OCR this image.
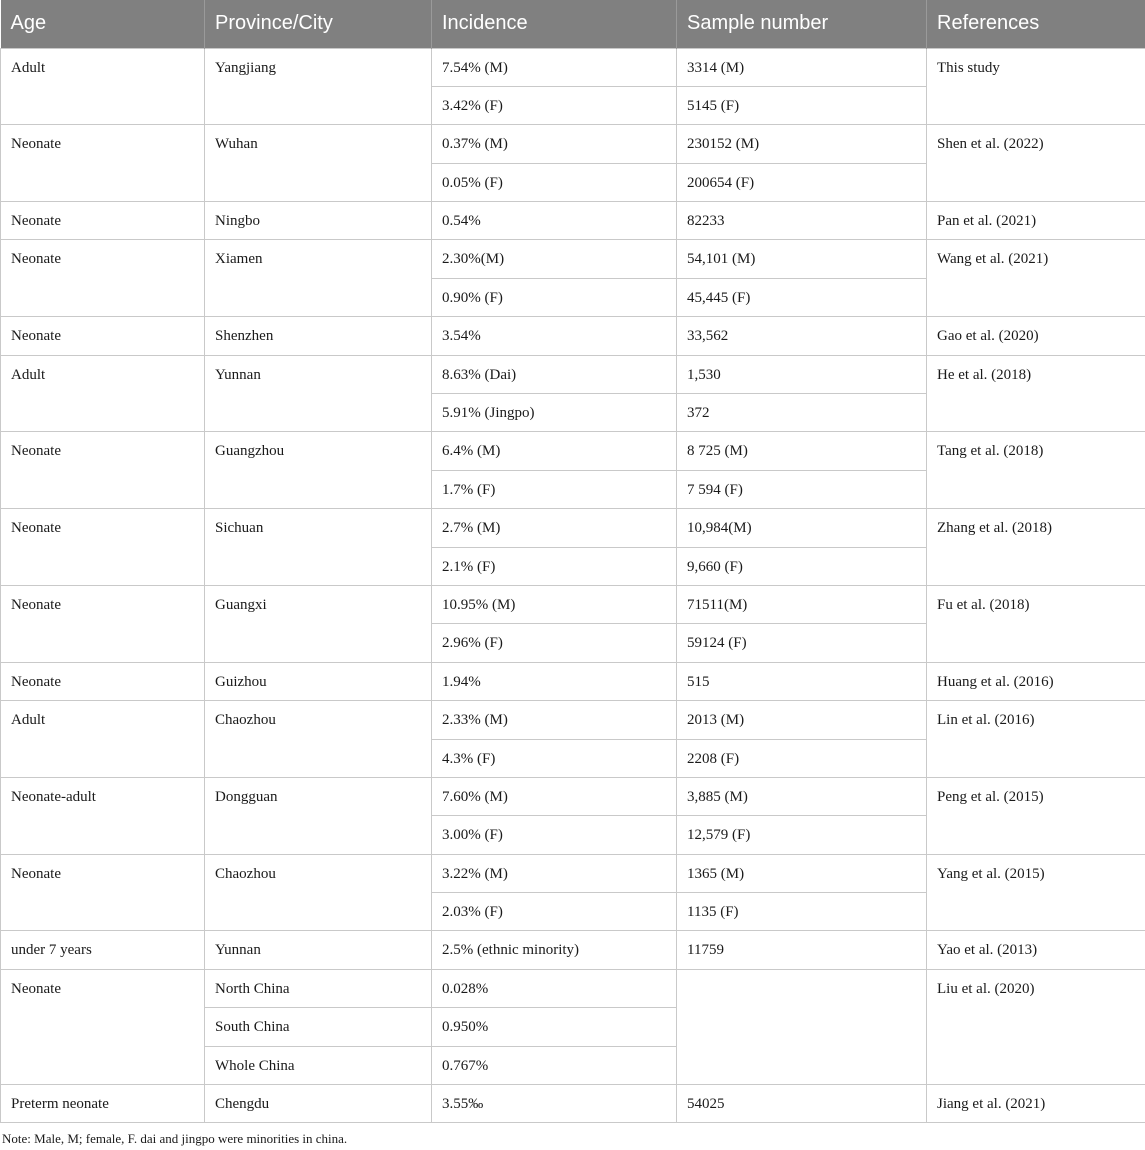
Age	Province/City	Incidence	Sample number	References
Adult	Yangjiang	7.54% (M)	3314 (M)	This study
		3.42% (F)	5145 (F)	
Neonate	Wuhan	0.37% (M)	230152 (M)	Shen et al. (2022)
		0.05% (F)	200654 (F)	
Neonate	Ningbo	0.54%	82233	Pan et al. (2021)
Neonate	Xiamen	2.30%(M)	54,101 (M)	Wang et al. (2021)
		0.90% (F)	45,445 (F)	
Neonate	Shenzhen	3.54%	33,562	Gao et al. (2020)
Adult	Yunnan	8.63% (Dai)	1,530	He et al. (2018)
		5.91% (Jingpo)	372	
Neonate	Guangzhou	6.4% (M)	8 725 (M)	Tang et al. (2018)
		1.7% (F)	7 594 (F)	
Neonate	Sichuan	2.7% (M)	10,984(M)	Zhang et al. (2018)
		2.1% (F)	9,660 (F)	
Neonate	Guangxi	10.95% (M)	71511(M)	Fu et al. (2018)
		2.96% (F)	59124 (F)	
Neonate	Guizhou	1.94%	515	Huang et al. (2016)
Adult	Chaozhou	2.33% (M)	2013 (M)	Lin et al. (2016)
		4.3% (F)	2208 (F)	
Neonate-adult	Dongguan	7.60% (M)	3,885 (M)	Peng et al. (2015)
		3.00% (F)	12,579 (F)	
Neonate	Chaozhou	3.22% (M)	1365 (M)	Yang et al. (2015)
		2.03% (F)	1135 (F)	
under 7 years	Yunnan	2.5% (ethnic minority)	11759	Yao et al. (2013)
Neonate	North China	0.028%		Liu et al. (2020)
	South China	0.950%		
	Whole China	0.767%		
Preterm neonate	Chengdu	3.55‰	54025	Jiang et al. (2021)
Note: Male, M; female, F. dai and jingpo were minorities in china.
